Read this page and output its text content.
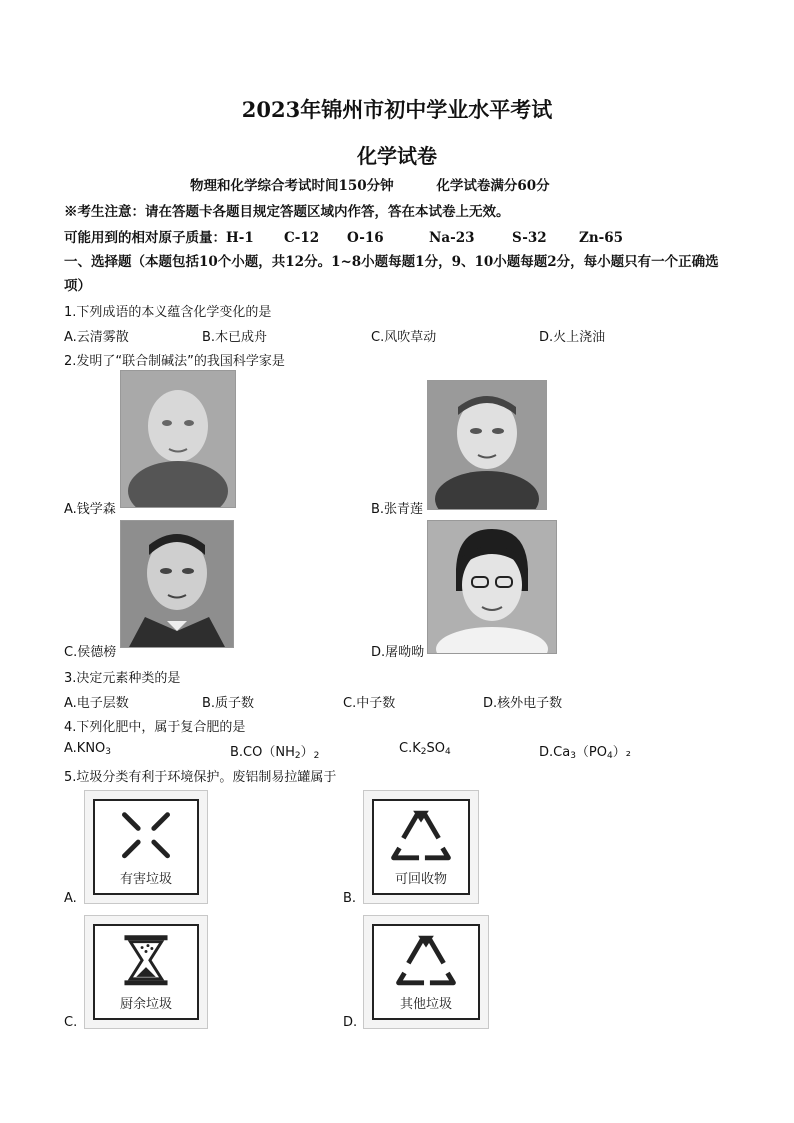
2023年锦州市初中学业水平考试
化学试卷
物理和化学综合考试时间150分钟	化学试卷满分60分
※考生注意：请在答题卡各题目规定答题区域内作答，答在本试卷上无效。
可能用到的相对原子质量：H-1 C-12 O-16	Na-23	S-32 Zn-65
一、选择题（本题包括10个小题，共12分。1~8小题每题1分，9、10小题每题2分，每小题只有一个正确选项）
1.下列成语的本义蕴含化学变化的是
A.云清雾散	B.木已成舟	C.风吹草动	D.火上浇油
2.发明了“联合制碱法”的我国科学家是
A.钱学森	B.张青莲
C.侯德榜	D.屠呦呦
3.决定元素种类的是
A.电子层数	B.质子数	C.中子数	D.核外电子数
4.下列化肥中，属于复合肥的是
$A.KNO_3$	$B.CO(NH_2)_2$	$C.K_2SO_4$	$D.Ca_3(PO_4)_2$
5.垃圾分类有利于环境保护。废铝制易拉罐属于
A.
有害垃圾
B.
可回收物
C.
厨余垃圾
D.
其他垃圾
